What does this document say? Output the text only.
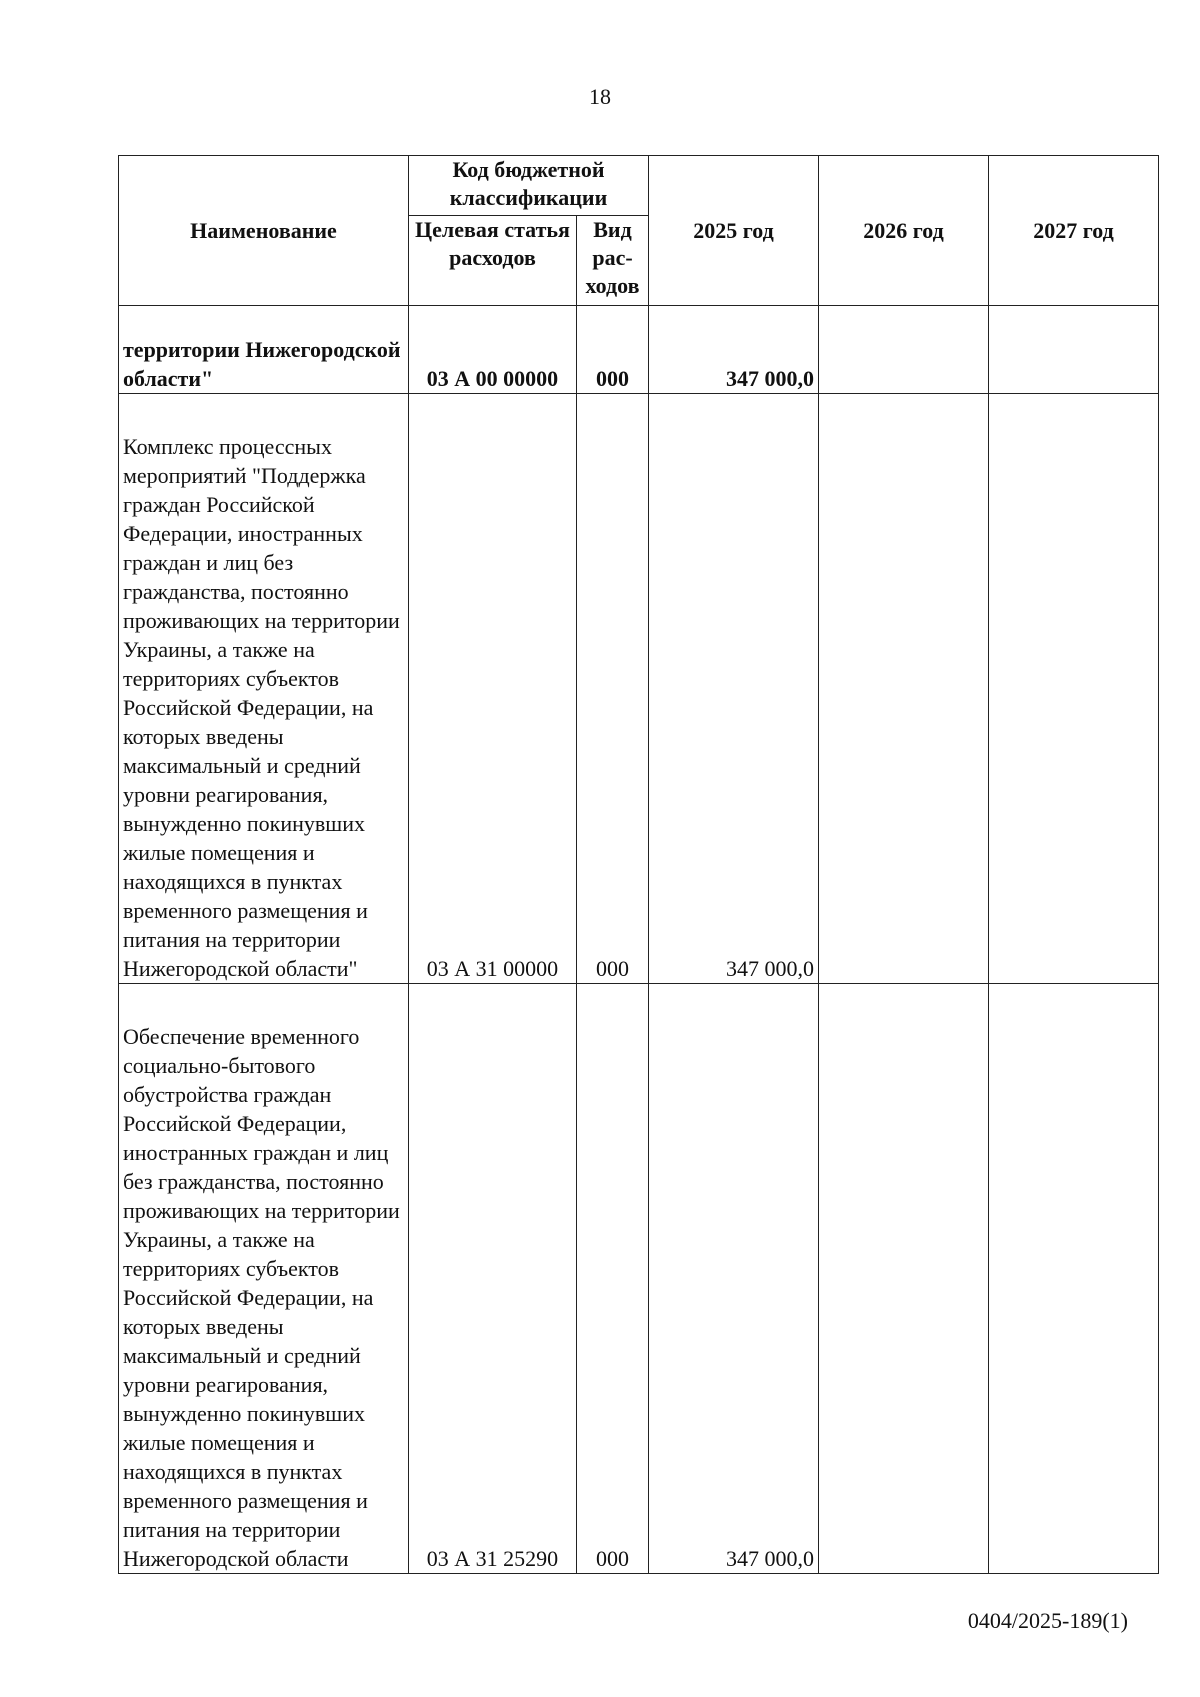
18
Наименование	Код бюджетной классификации		2025 год	2026 год	2027 год
	Целевая статья расходов	Вид рас-ходов			
территории Нижегородской области"	03 А 00 00000	000	347 000,0		
Комплекс процессных мероприятий "Поддержка граждан Российской Федерации, иностранных граждан и лиц без гражданства, постоянно проживающих на территории Украины, а также на территориях субъектов Российской Федерации, на которых введены максимальный и средний уровни реагирования, вынужденно покинувших жилые помещения и находящихся в пунктах временного размещения и питания на территории Нижегородской области"	03 А 31 00000	000	347 000,0		
Обеспечение временного социально-бытового обустройства граждан Российской Федерации, иностранных граждан и лиц без гражданства, постоянно проживающих на территории Украины, а также на территориях субъектов Российской Федерации, на которых введены максимальный и средний уровни реагирования, вынужденно покинувших жилые помещения и находящихся в пунктах временного размещения и питания на территории Нижегородской области	03 А 31 25290	000	347 000,0		
0404/2025-189(1)
